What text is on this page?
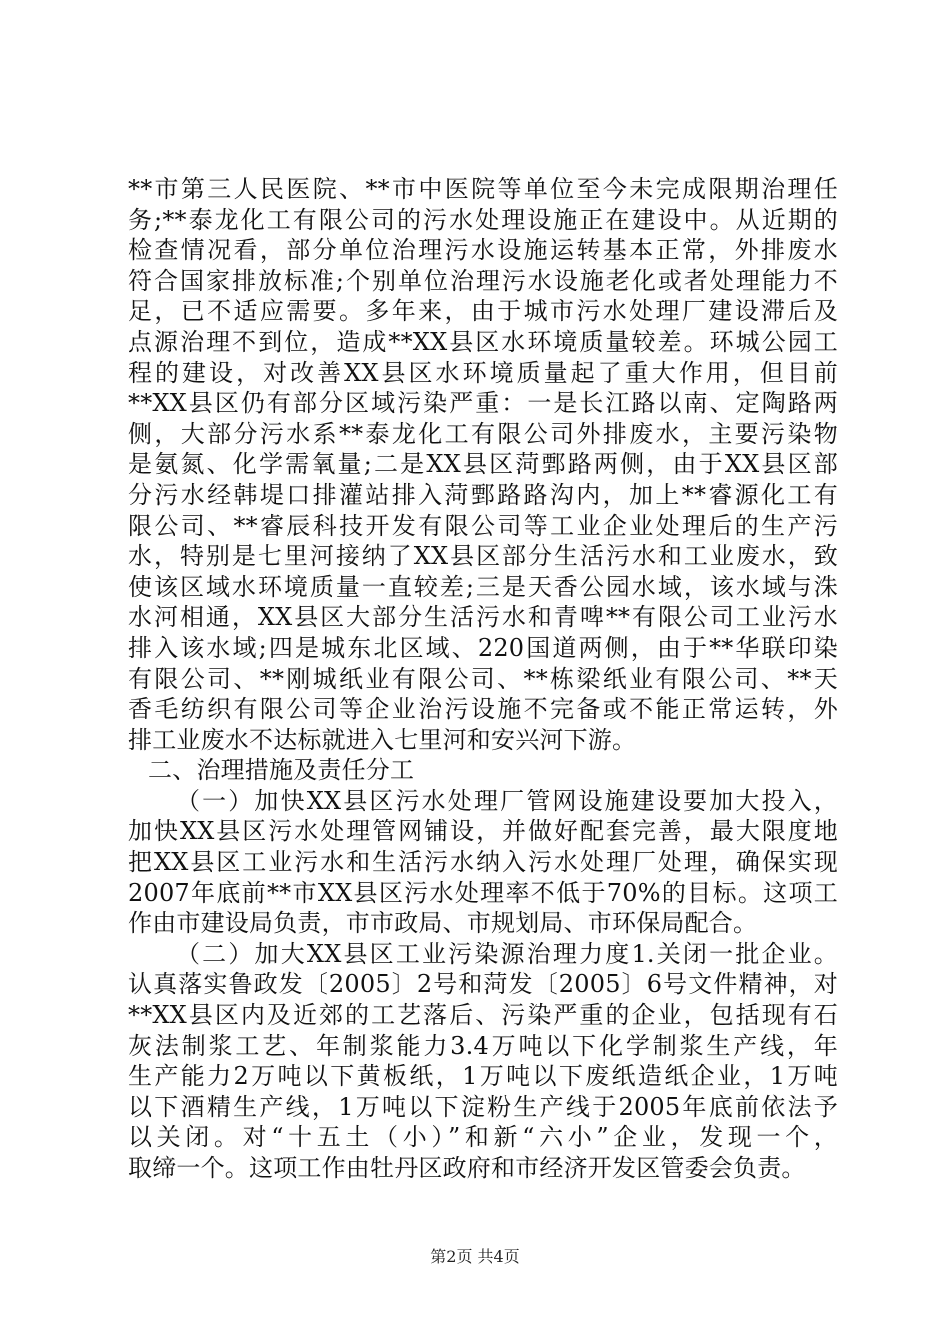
**市第三人民医院、**市中医院等单位至今未完成限期治理任
务;**泰龙化工有限公司的污水处理设施正在建设中。从近期的
检查情况看，部分单位治理污水设施运转基本正常，外排废水
符合国家排放标准;个别单位治理污水设施老化或者处理能力不
足，已不适应需要。多年来，由于城市污水处理厂建设滞后及
点源治理不到位，造成**XX县区水环境质量较差。环城公园工
程的建设，对改善XX县区水环境质量起了重大作用，但目前
**XX县区仍有部分区域污染严重：一是长江路以南、定陶路两
侧，大部分污水系**泰龙化工有限公司外排废水，主要污染物
是氨氮、化学需氧量;二是XX县区菏鄄路两侧，由于XX县区部
分污水经韩堤口排灌站排入菏鄄路路沟内，加上**睿源化工有
限公司、**睿辰科技开发有限公司等工业企业处理后的生产污
水，特别是七里河接纳了XX县区部分生活污水和工业废水，致
使该区域水环境质量一直较差;三是天香公园水域，该水域与洙
水河相通，XX县区大部分生活污水和青啤**有限公司工业污水
排入该水域;四是城东北区域、220国道两侧，由于**华联印染
有限公司、**刚城纸业有限公司、**栋梁纸业有限公司、**天
香毛纺织有限公司等企业治污设施不完备或不能正常运转，外
排工业废水不达标就进入七里河和安兴河下游。
二、治理措施及责任分工
（一）加快XX县区污水处理厂管网设施建设要加大投入，
加快XX县区污水处理管网铺设，并做好配套完善，最大限度地
把XX县区工业污水和生活污水纳入污水处理厂处理，确保实现
2007年底前**市XX县区污水处理率不低于70%的目标。这项工
作由市建设局负责，市市政局、市规划局、市环保局配合。
（二）加大XX县区工业污染源治理力度1.关闭一批企业。
认真落实鲁政发〔2005〕2号和菏发〔2005〕6号文件精神，对
**XX县区内及近郊的工艺落后、污染严重的企业，包括现有石
灰法制浆工艺、年制浆能力3.4万吨以下化学制浆生产线，年
生产能力2万吨以下黄板纸，1万吨以下废纸造纸企业，1万吨
以下酒精生产线，1万吨以下淀粉生产线于2005年底前依法予
以关闭。对“十五土（小）”和新“六小”企业，发现一个，
取缔一个。这项工作由牡丹区政府和市经济开发区管委会负责。
第2页 共4页
